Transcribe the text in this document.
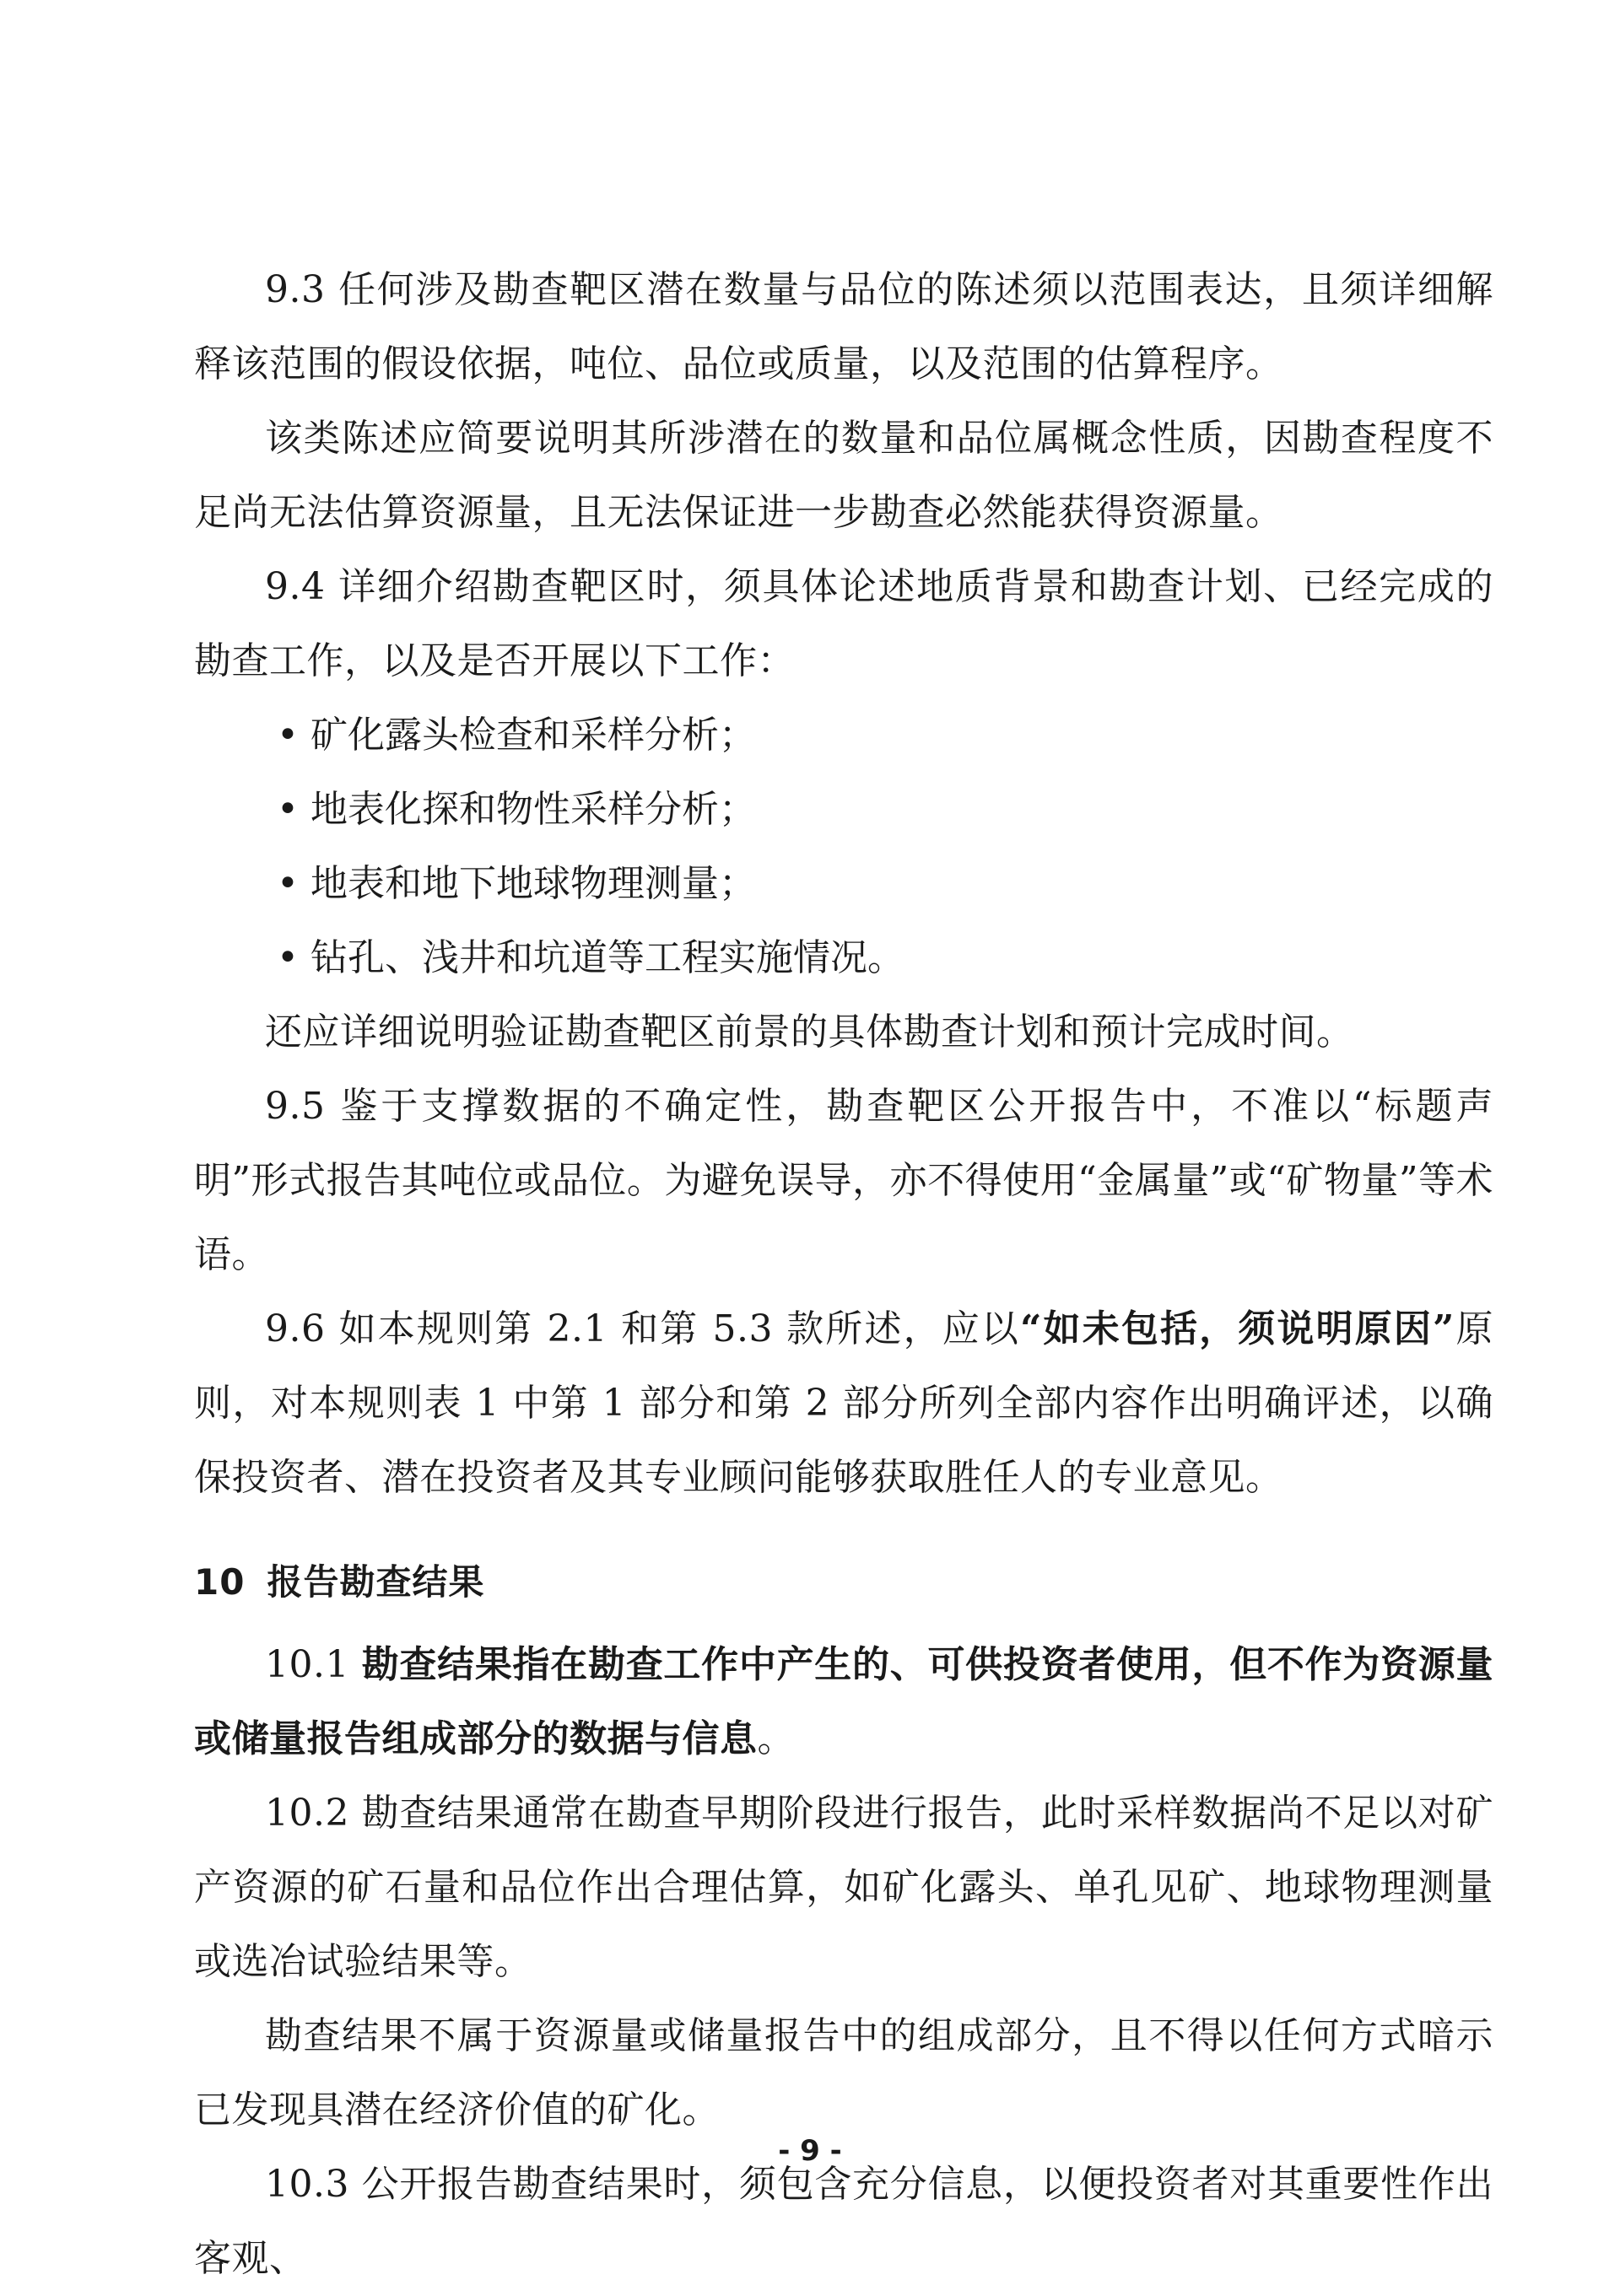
9.3 任何涉及勘查靶区潜在数量与品位的陈述须以范围表达，且须详细解释该范围的假设依据，吨位、品位或质量，以及范围的估算程序。

该类陈述应简要说明其所涉潜在的数量和品位属概念性质，因勘查程度不足尚无法估算资源量，且无法保证进一步勘查必然能获得资源量。

9.4 详细介绍勘查靶区时，须具体论述地质背景和勘查计划、已经完成的勘查工作，以及是否开展以下工作：

• 矿化露头检查和采样分析；
• 地表化探和物性采样分析；
• 地表和地下地球物理测量；
• 钻孔、浅井和坑道等工程实施情况。

还应详细说明验证勘查靶区前景的具体勘查计划和预计完成时间。

9.5 鉴于支撑数据的不确定性，勘查靶区公开报告中，不准以“标题声明”形式报告其吨位或品位。为避免误导，亦不得使用“金属量”或“矿物量”等术语。

9.6 如本规则第 2.1 和第 5.3 款所述，应以“如未包括，须说明原因”原则，对本规则表 1 中第 1 部分和第 2 部分所列全部内容作出明确评述，以确保投资者、潜在投资者及其专业顾问能够获取胜任人的专业意见。

10 报告勘查结果

10.1 勘查结果指在勘查工作中产生的、可供投资者使用，但不作为资源量或储量报告组成部分的数据与信息。

10.2 勘查结果通常在勘查早期阶段进行报告，此时采样数据尚不足以对矿产资源的矿石量和品位作出合理估算，如矿化露头、单孔见矿、地球物理测量或选冶试验结果等。

勘查结果不属于资源量或储量报告中的组成部分，且不得以任何方式暗示已发现具潜在经济价值的矿化。

10.3 公开报告勘查结果时，须包含充分信息，以便投资者对其重要性作出客观、

- 9 -
